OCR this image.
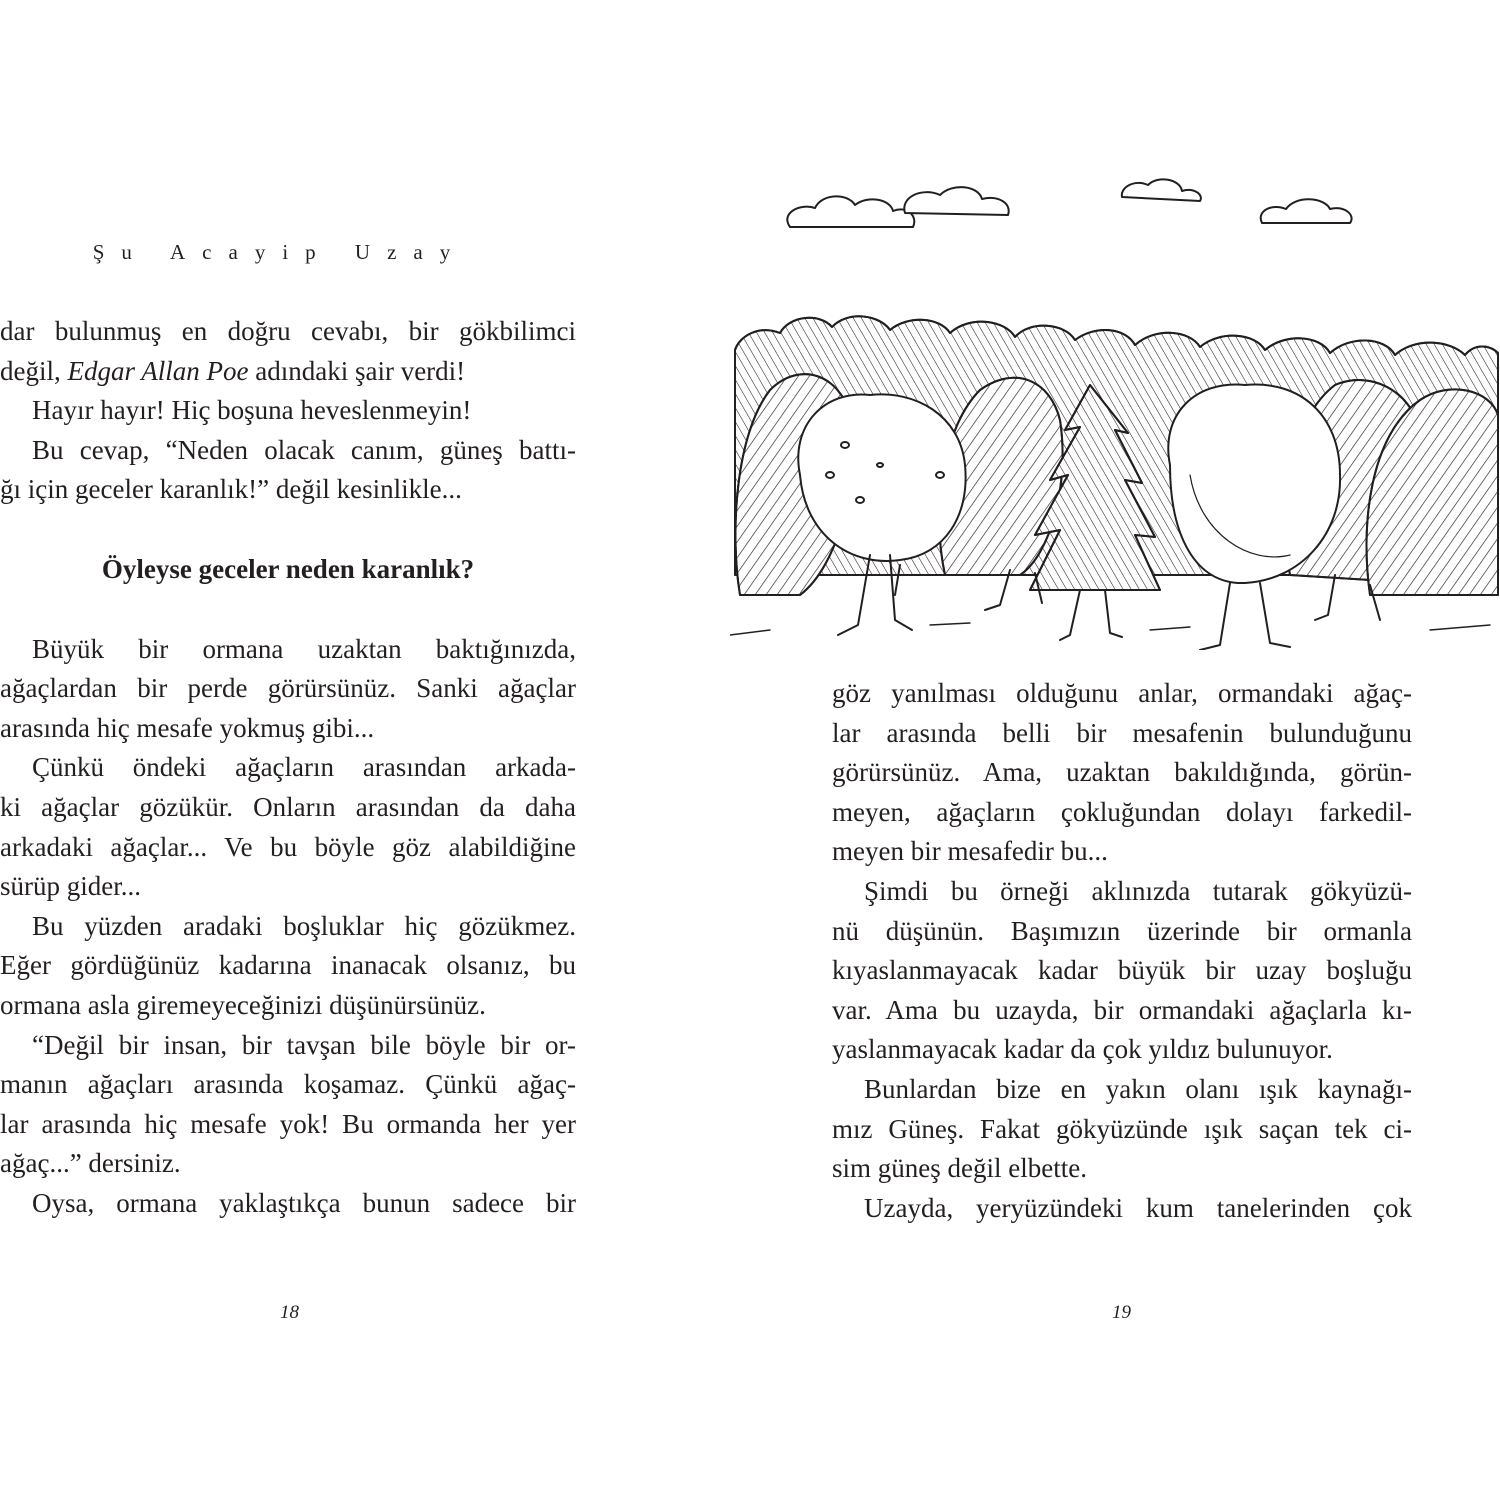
Şu Acayip Uzay
dar bulunmuş en doğru cevabı, bir gökbilimci
değil, Edgar Allan Poe adındaki şair verdi!
Hayır hayır! Hiç boşuna heveslenmeyin!
Bu cevap, “Neden olacak canım, güneş battı-
ğı için geceler karanlık!” değil kesinlikle...
Öyleyse geceler neden karanlık?
Büyük bir ormana uzaktan baktığınızda,
ağaçlardan bir perde görürsünüz. Sanki ağaçlar
arasında hiç mesafe yokmuş gibi...
Çünkü öndeki ağaçların arasından arkada-
ki ağaçlar gözükür. Onların arasından da daha
arkadaki ağaçlar... Ve bu böyle göz alabildiğine
sürüp gider...
Bu yüzden aradaki boşluklar hiç gözükmez.
Eğer gördüğünüz kadarına inanacak olsanız, bu
ormana asla giremeyeceğinizi düşünürsünüz.
“Değil bir insan, bir tavşan bile böyle bir or-
manın ağaçları arasında koşamaz. Çünkü ağaç-
lar arasında hiç mesafe yok! Bu ormanda her yer
ağaç...” dersiniz.
Oysa, ormana yaklaştıkça bunun sadece bir
18
göz yanılması olduğunu anlar, ormandaki ağaç-
lar arasında belli bir mesafenin bulunduğunu
görürsünüz. Ama, uzaktan bakıldığında, görün-
meyen, ağaçların çokluğundan dolayı farkedil-
meyen bir mesafedir bu...
Şimdi bu örneği aklınızda tutarak gökyüzü-
nü düşünün. Başımızın üzerinde bir ormanla
kıyaslanmayacak kadar büyük bir uzay boşluğu
var. Ama bu uzayda, bir ormandaki ağaçlarla kı-
yaslanmayacak kadar da çok yıldız bulunuyor.
Bunlardan bize en yakın olanı ışık kaynağı-
mız Güneş. Fakat gökyüzünde ışık saçan tek ci-
sim güneş değil elbette.
Uzayda, yeryüzündeki kum tanelerinden çok
19
